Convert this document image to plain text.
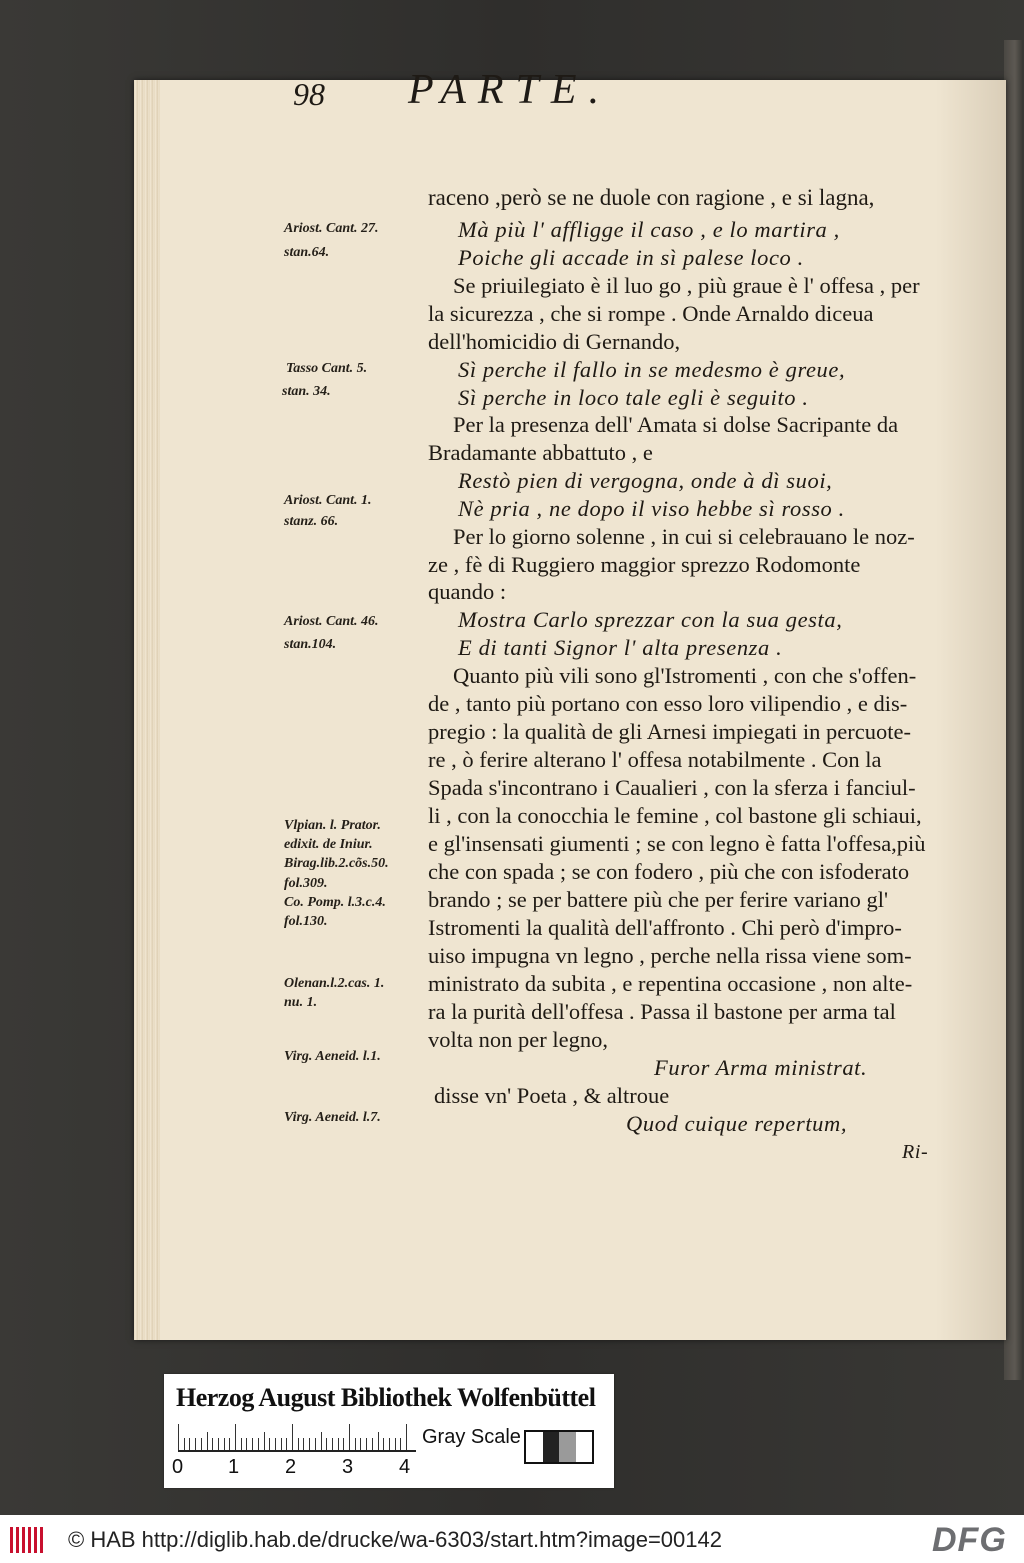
98 PARTE.
raceno ,però se ne duole con ragione , e si lagna,
Mà più l' affligge il caso , e lo martira ,
Poiche gli accade in sì palese loco .
Se priuilegiato è il luo go , più graue è l' offesa , per
la sicurezza , che si rompe . Onde Arnaldo diceua
dell'homicidio di Gernando,
Sì perche il fallo in se medesmo è greue,
Sì perche in loco tale egli è seguito .
Per la presenza dell' Amata si dolse Sacripante da
Bradamante abbattuto , e
Restò pien di vergogna, onde à dì suoi,
Nè pria , ne dopo il viso hebbe sì rosso .
Per lo giorno solenne , in cui si celebrauano le noz-
ze , fè di Ruggiero maggior sprezzo Rodomonte
quando :
Mostra Carlo sprezzar con la sua gesta,
E di tanti Signor l' alta presenza .
Quanto più vili sono gl'Istromenti , con che s'offen-
de , tanto più portano con esso loro vilipendio , e dis-
pregio : la qualità de gli Arnesi impiegati in percuote-
re , ò ferire alterano l' offesa notabilmente . Con la
Spada s'incontrano i Caualieri , con la sferza i fanciul-
li , con la conocchia le femine , col bastone gli schiaui,
e gl'insensati giumenti ; se con legno è fatta l'offesa,più
che con spada ; se con fodero , più che con isfoderato
brando ; se per battere più che per ferire variano gl'
Istromenti la qualità dell'affronto . Chi però d'impro-
uiso impugna vn legno , perche nella rissa viene som-
ministrato da subita , e repentina occasione , non alte-
ra la purità dell'offesa . Passa il bastone per arma tal
volta non per legno,
Furor Arma ministrat.
disse vn' Poeta , & altroue
Quod cuique repertum,
Ri-
Ariost. Cant. 27.
stan.64.
Tasso Cant. 5.
stan. 34.
Ariost. Cant. 1.
stanz. 66.
Ariost. Cant. 46.
stan.104.
Vlpian. l. Prator.
edixit. de Iniur.
Birag.lib.2.cõs.50.
fol.309.
Co. Pomp. l.3.c.4.
fol.130.
Olenan.l.2.cas. 1.
nu. 1.
Virg. Aeneid. l.1.
Virg. Aeneid. l.7.
Herzog August Bibliothek Wolfenbüttel
0 1 2 3 4
Gray Scale
© HAB http://diglib.hab.de/drucke/wa-6303/start.htm?image=00142	DFG
